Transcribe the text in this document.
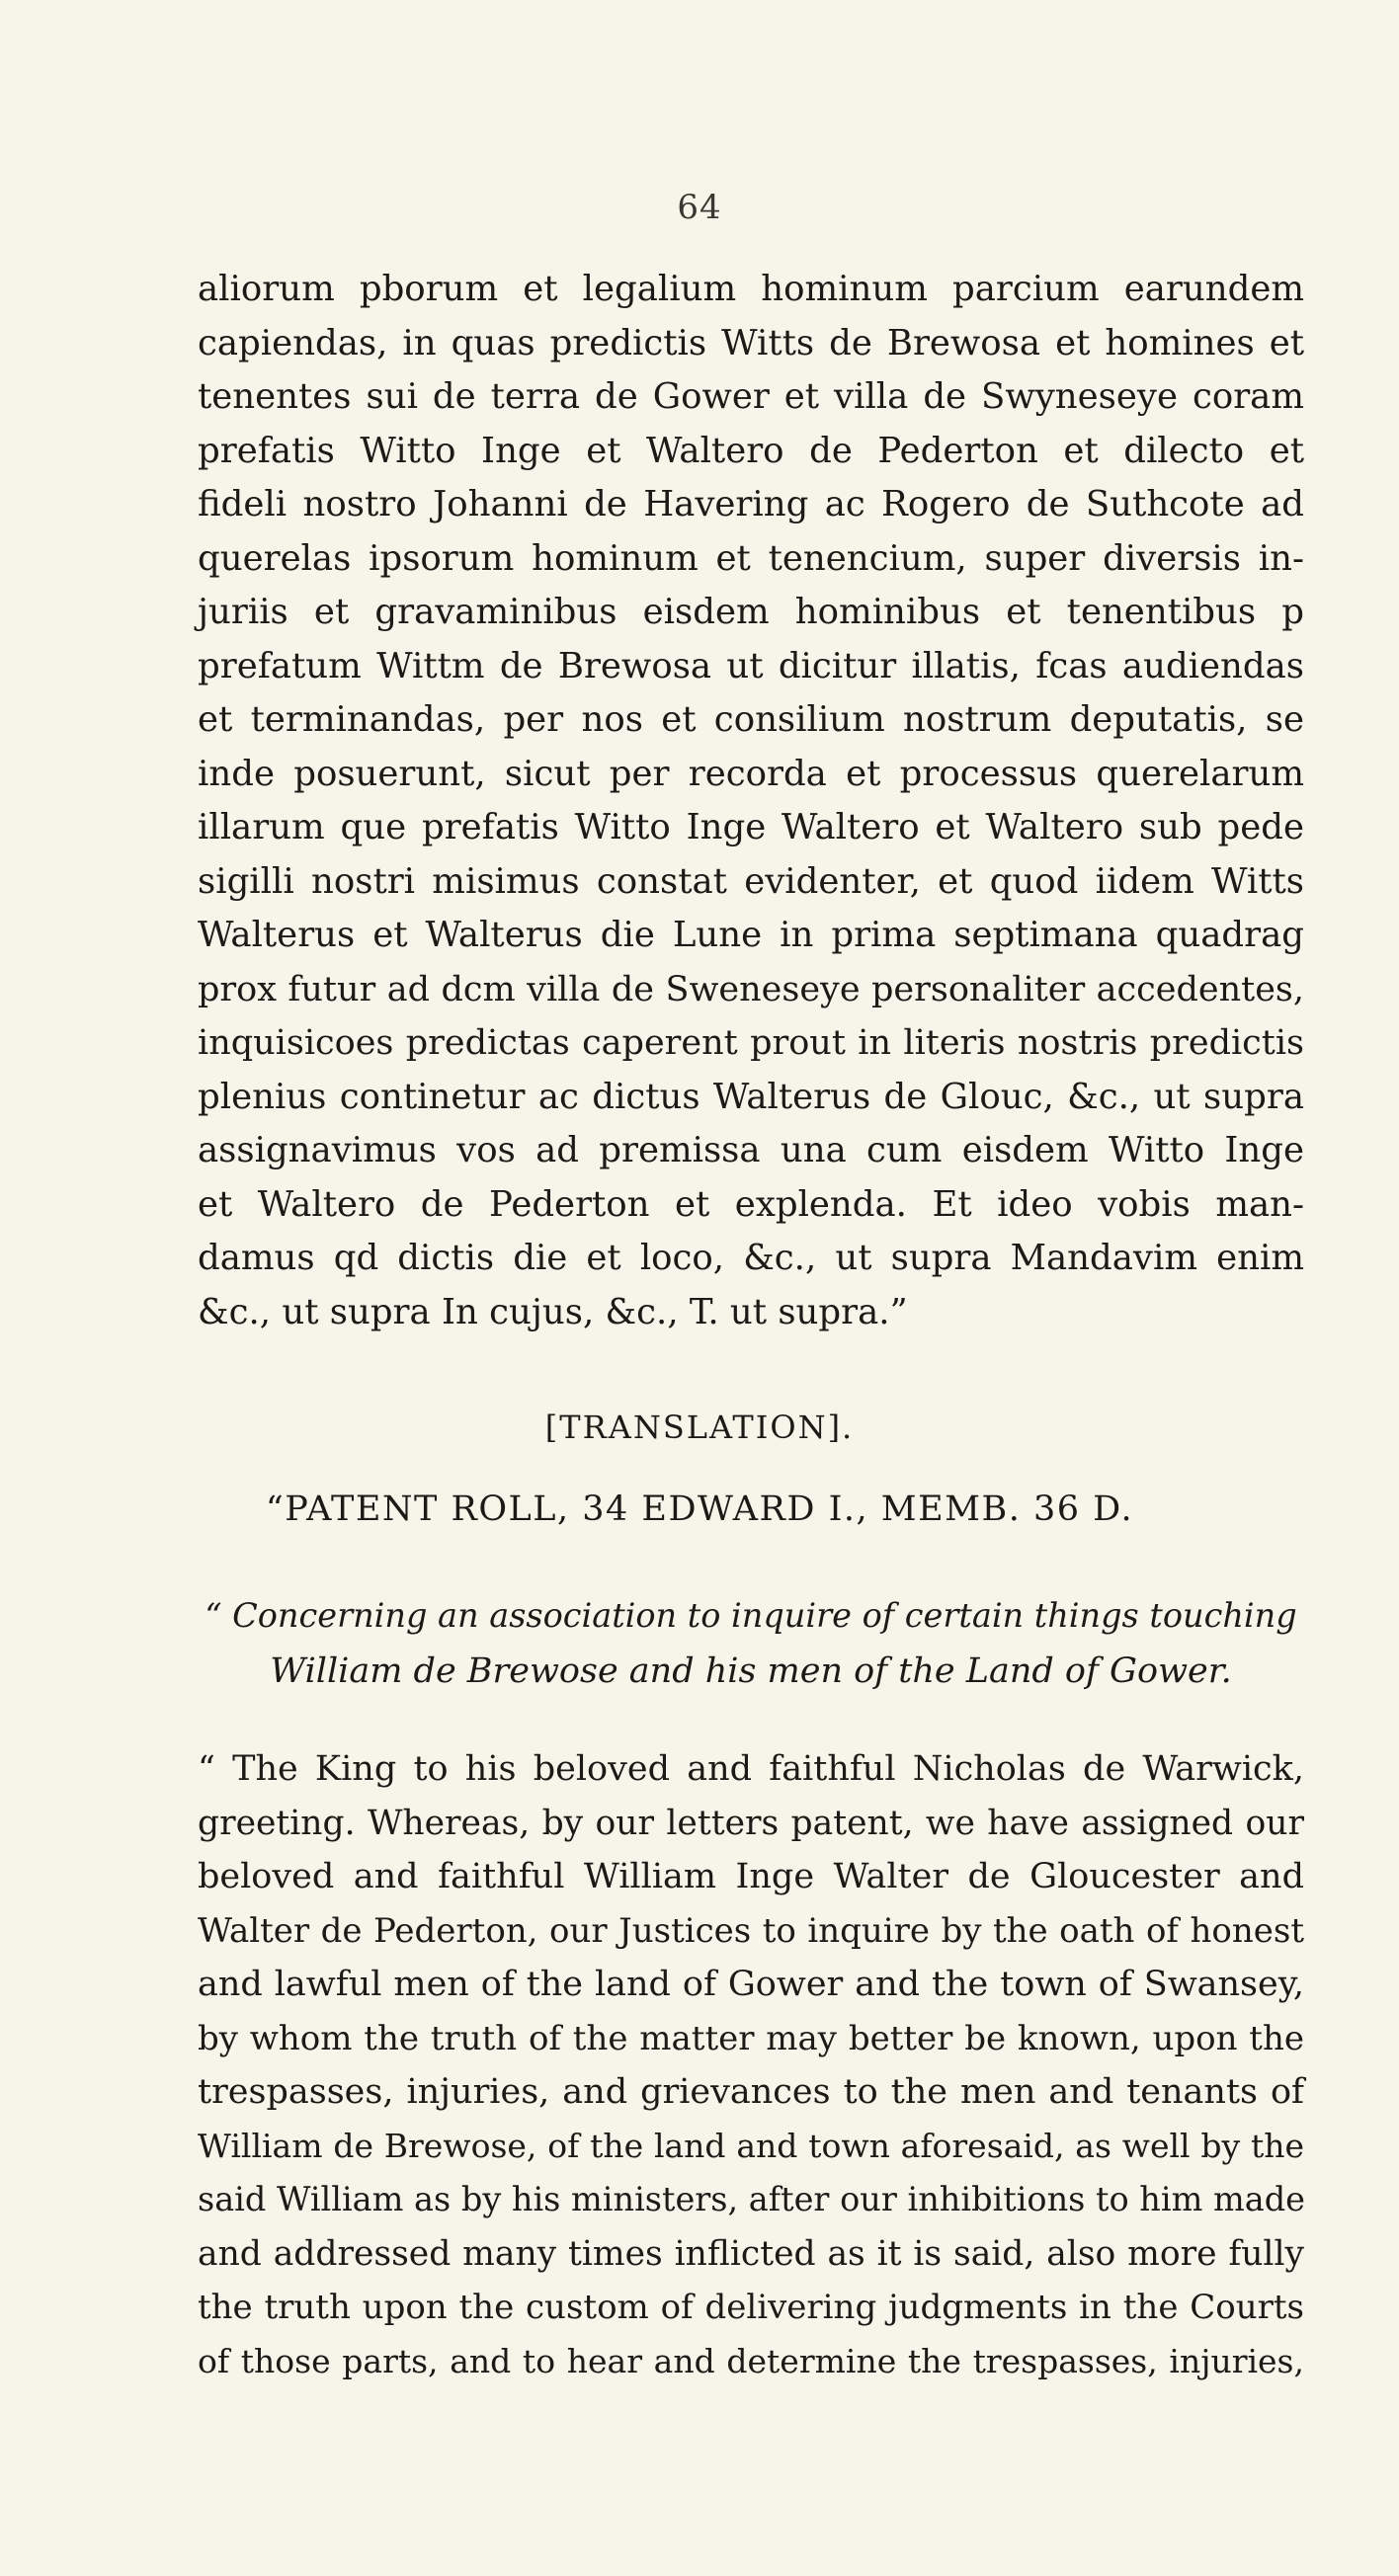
64
aliorum pborum et legalium hominum parcium earundem
capiendas, in quas predictis Witts de Brewosa et homines et
tenentes sui de terra de Gower et villa de Swyneseye coram
prefatis Witto Inge et Waltero de Pederton et dilecto et
fideli nostro Johanni de Havering ac Rogero de Suthcote ad
querelas ipsorum hominum et tenencium, super diversis in-
juriis et gravaminibus eisdem hominibus et tenentibus p
prefatum Wittm de Brewosa ut dicitur illatis, fcas audiendas
et terminandas, per nos et consilium nostrum deputatis, se
inde posuerunt, sicut per recorda et processus querelarum
illarum que prefatis Witto Inge Waltero et Waltero sub pede
sigilli nostri misimus constat evidenter, et quod iidem Witts
Walterus et Walterus die Lune in prima septimana quadrag
prox futur ad dcm villa de Sweneseye personaliter accedentes,
inquisicoes predictas caperent prout in literis nostris predictis
plenius continetur ac dictus Walterus de Glouc, &c., ut supra
assignavimus vos ad premissa una cum eisdem Witto Inge
et Waltero de Pederton et explenda. Et ideo vobis man-
damus qd dictis die et loco, &c., ut supra Mandavim enim
&c., ut supra In cujus, &c., T. ut supra.”
[TRANSLATION].
“PATENT ROLL, 34 EDWARD I., MEMB. 36 D.
“ Concerning an association to inquire of certain things touching
William de Brewose and his men of the Land of Gower.
“ The King to his beloved and faithful Nicholas de Warwick,
greeting. Whereas, by our letters patent, we have assigned our
beloved and faithful William Inge Walter de Gloucester and
Walter de Pederton, our Justices to inquire by the oath of honest
and lawful men of the land of Gower and the town of Swansey,
by whom the truth of the matter may better be known, upon the
trespasses, injuries, and grievances to the men and tenants of
William de Brewose, of the land and town aforesaid, as well by the
said William as by his ministers, after our inhibitions to him made
and addressed many times inflicted as it is said, also more fully
the truth upon the custom of delivering judgments in the Courts
of those parts, and to hear and determine the trespasses, injuries,
